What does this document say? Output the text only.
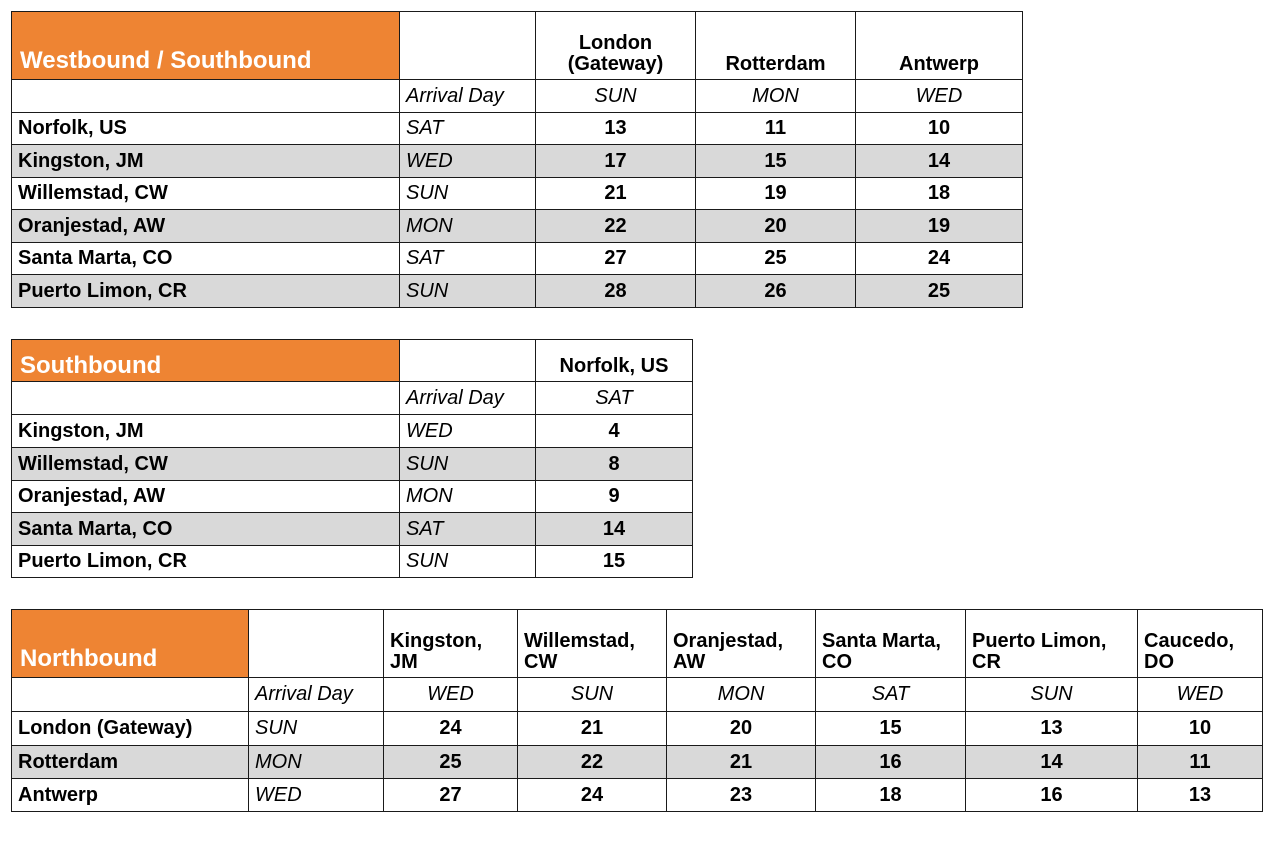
Westbound / Southbound		London (Gateway)	Rotterdam	Antwerp
	Arrival Day	SUN	MON	WED
Norfolk, US	SAT	13	11	10
Kingston, JM	WED	17	15	14
Willemstad, CW	SUN	21	19	18
Oranjestad, AW	MON	22	20	19
Santa Marta, CO	SAT	27	25	24
Puerto Limon, CR	SUN	28	26	25
Southbound		Norfolk, US
	Arrival Day	SAT
Kingston, JM	WED	4
Willemstad, CW	SUN	8
Oranjestad, AW	MON	9
Santa Marta, CO	SAT	14
Puerto Limon, CR	SUN	15
Northbound		Kingston, JM	Willemstad, CW	Oranjestad, AW	Santa Marta, CO	Puerto Limon, CR	Caucedo, DO
	Arrival Day	WED	SUN	MON	SAT	SUN	WED
London (Gateway)	SUN	24	21	20	15	13	10
Rotterdam	MON	25	22	21	16	14	11
Antwerp	WED	27	24	23	18	16	13
